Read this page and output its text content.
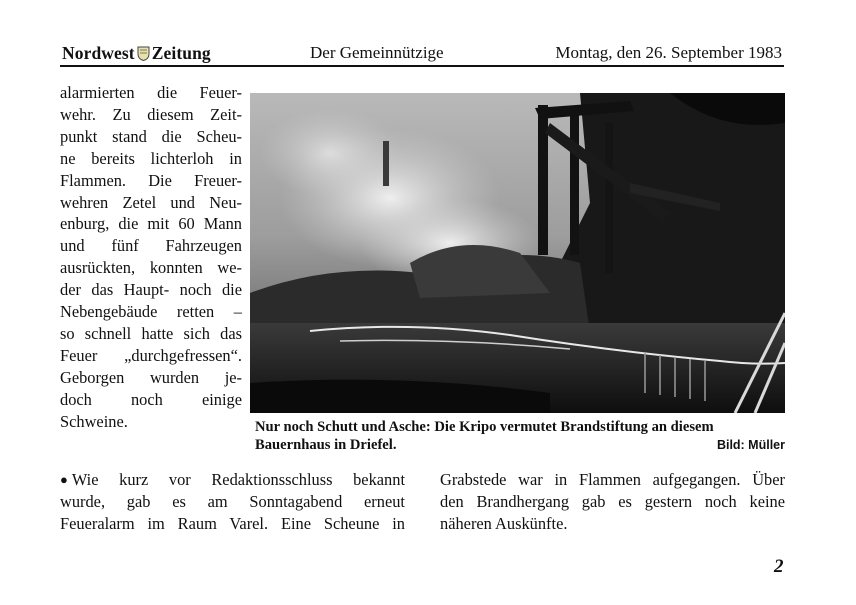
Nordwest Zeitung	Der Gemeinnützige	Montag, den 26. September 1983
alarmierten die Feuer-
wehr. Zu diesem Zeit-
punkt stand die Scheu-
ne bereits lichterloh in
Flammen. Die Freuer-
wehren Zetel und Neu-
enburg, die mit 60 Mann
und fünf Fahrzeugen
ausrückten, konnten we-
der das Haupt- noch die
Nebengebäude retten –
so schnell hatte sich das
Feuer „durchgefressen“.
Geborgen wurden je-
doch noch einige
Schweine.	Nur noch Schutt und Asche: Die Kripo vermutet Brandstiftung an diesem
Bauernhaus in Driefel.	Bild: Müller
● Wie kurz vor Redaktionsschluss bekannt
wurde, gab es am Sonntagabend erneut
Feueralarm im Raum Varel. Eine Scheune in
Grabstede war in Flammen aufgegangen. Über
den Brandhergang gab es gestern noch keine
näheren Auskünfte.
2
